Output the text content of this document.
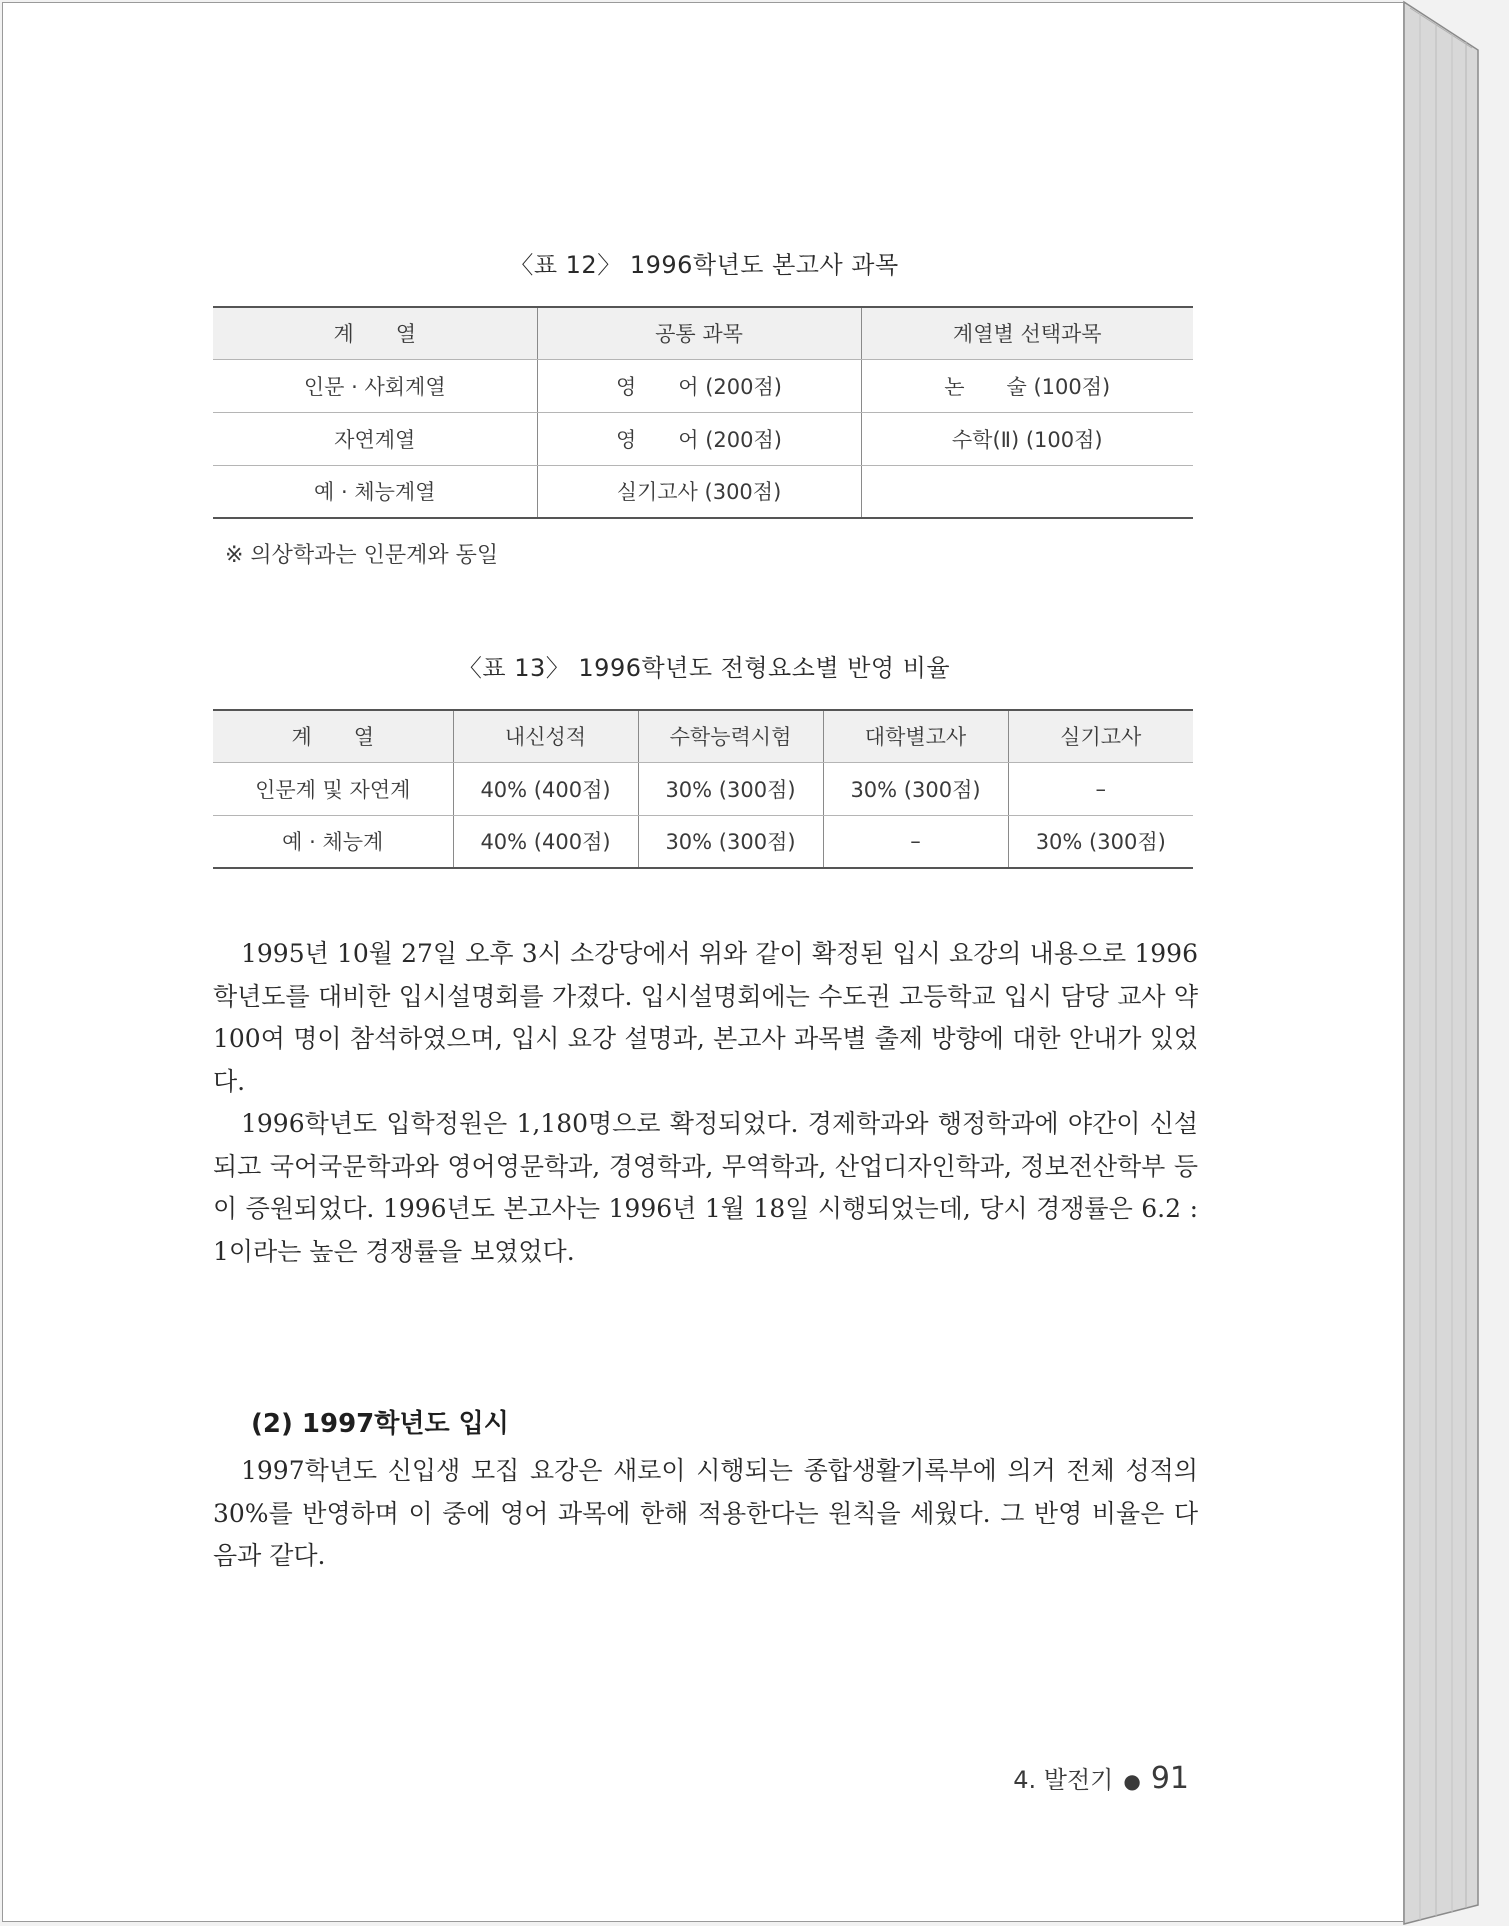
〈표 12〉 1996학년도 본고사 과목
계　　열	공통 과목	계열별 선택과목
인문 · 사회계열	영　　어 (200점)	논　　술 (100점)
자연계열	영　　어 (200점)	수학(Ⅱ) (100점)
예 · 체능계열	실기고사 (300점)	
※ 의상학과는 인문계와 동일
〈표 13〉 1996학년도 전형요소별 반영 비율
계　　열	내신성적	수학능력시험	대학별고사	실기고사
인문계 및 자연계	40% (400점)	30% (300점)	30% (300점)	–
예 · 체능계	40% (400점)	30% (300점)	–	30% (300점)

1995년 10월 27일 오후 3시 소강당에서 위와 같이 확정된 입시 요강의 내용으로 1996학년도를 대비한 입시설명회를 가졌다. 입시설명회에는 수도권 고등학교 입시 담당 교사 약 100여 명이 참석하였으며, 입시 요강 설명과, 본고사 과목별 출제 방향에 대한 안내가 있었다.

1996학년도 입학정원은 1,180명으로 확정되었다. 경제학과와 행정학과에 야간이 신설되고 국어국문학과와 영어영문학과, 경영학과, 무역학과, 산업디자인학과, 정보전산학부 등이 증원되었다. 1996년도 본고사는 1996년 1월 18일 시행되었는데, 당시 경쟁률은 6.2 : 1이라는 높은 경쟁률을 보였었다.

(2) 1997학년도 입시

1997학년도 신입생 모집 요강은 새로이 시행되는 종합생활기록부에 의거 전체 성적의 30%를 반영하며 이 중에 영어 과목에 한해 적용한다는 원칙을 세웠다. 그 반영 비율은 다음과 같다.

4. 발전기 ● 91
